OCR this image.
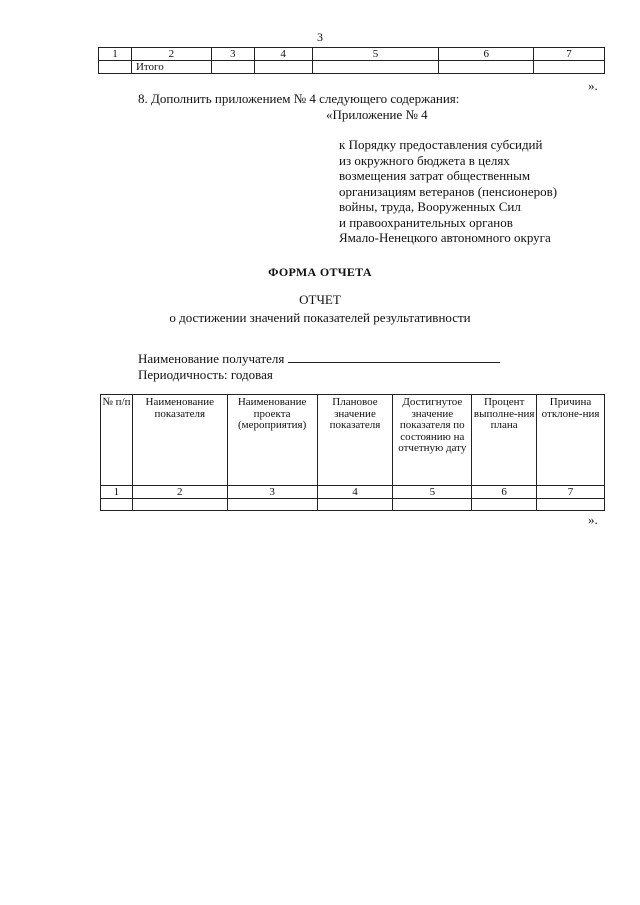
3
1	2	3	4	5	6	7
	Итого					
».
8. Дополнить приложением № 4 следующего содержания:
«Приложение № 4
к Порядку предоставления субсидий
из окружного бюджета в целях
возмещения затрат общественным
организациям ветеранов (пенсионеров)
войны, труда, Вооруженных Сил
и правоохранительных органов
Ямало-Ненецкого автономного округа
ФОРМА ОТЧЕТА
ОТЧЕТ
о достижении значений показателей результативности
Наименование получателя
Периодичность: годовая
№ п/п	Наименование показателя	Наименование проекта (мероприятия)	Плановое значение показателя	Достигнутое значение показателя по состоянию на отчетную дату	Процент выполне-ния плана	Причина отклоне-ния
1	2	3	4	5	6	7

».
